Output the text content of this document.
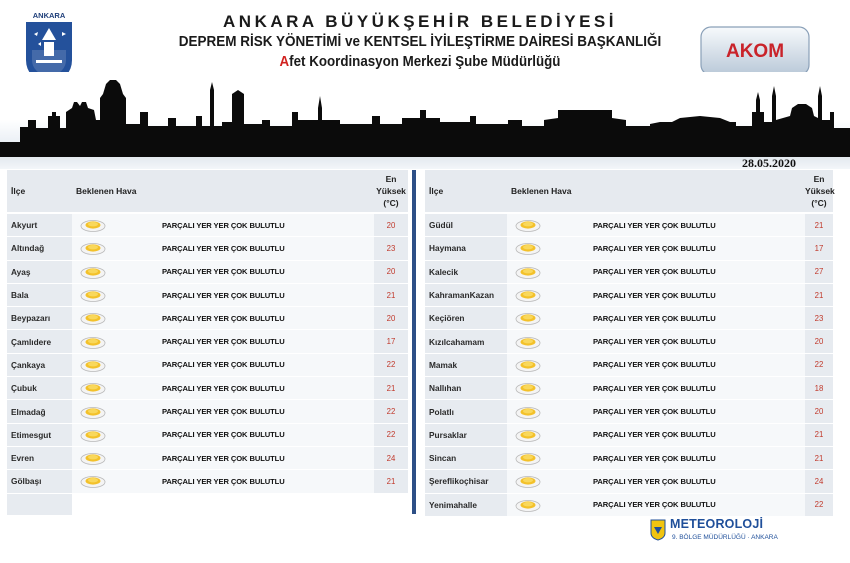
ANKARA	ANKARA BÜYÜKŞEHİR BELEDİYESİ
DEPREM RİSK YÖNETİMİ ve KENTSEL İYİLEŞTİRME DAİRESİ BAŞKANLIĞI
Afet Koordinasyon Merkezi Şube Müdürlüğü	AKOM
28.05.2020
İlçe	Beklenen Hava		En
Yüksek
(°C)

Akyurt		PARÇALI YER YER ÇOK BULUTLU	20
Altındağ		PARÇALI YER YER ÇOK BULUTLU	23
Ayaş		PARÇALI YER YER ÇOK BULUTLU	20
Bala		PARÇALI YER YER ÇOK BULUTLU	21
Beypazarı		PARÇALI YER YER ÇOK BULUTLU	20
Çamlıdere		PARÇALI YER YER ÇOK BULUTLU	17
Çankaya		PARÇALI YER YER ÇOK BULUTLU	22
Çubuk		PARÇALI YER YER ÇOK BULUTLU	21
Elmadağ		PARÇALI YER YER ÇOK BULUTLU	22
Etimesgut		PARÇALI YER YER ÇOK BULUTLU	22
Evren		PARÇALI YER YER ÇOK BULUTLU	24
Gölbaşı		PARÇALI YER YER ÇOK BULUTLU	21

İlçe	Beklenen Hava		En
Yüksek
(°C)

Güdül		PARÇALI YER YER ÇOK BULUTLU	21
Haymana		PARÇALI YER YER ÇOK BULUTLU	17
Kalecik		PARÇALI YER YER ÇOK BULUTLU	27
KahramanKazan		PARÇALI YER YER ÇOK BULUTLU	21
Keçiören		PARÇALI YER YER ÇOK BULUTLU	23
Kızılcahamam		PARÇALI YER YER ÇOK BULUTLU	20
Mamak		PARÇALI YER YER ÇOK BULUTLU	22
Nallıhan		PARÇALI YER YER ÇOK BULUTLU	18
Polatlı		PARÇALI YER YER ÇOK BULUTLU	20
Pursaklar		PARÇALI YER YER ÇOK BULUTLU	21
Sincan		PARÇALI YER YER ÇOK BULUTLU	21
Şereflikoçhisar		PARÇALI YER YER ÇOK BULUTLU	24
Yenimahalle		PARÇALI YER YER ÇOK BULUTLU	22
METEOROLOJİ
9. BÖLGE MÜDÜRLÜĞÜ · ANKARA
